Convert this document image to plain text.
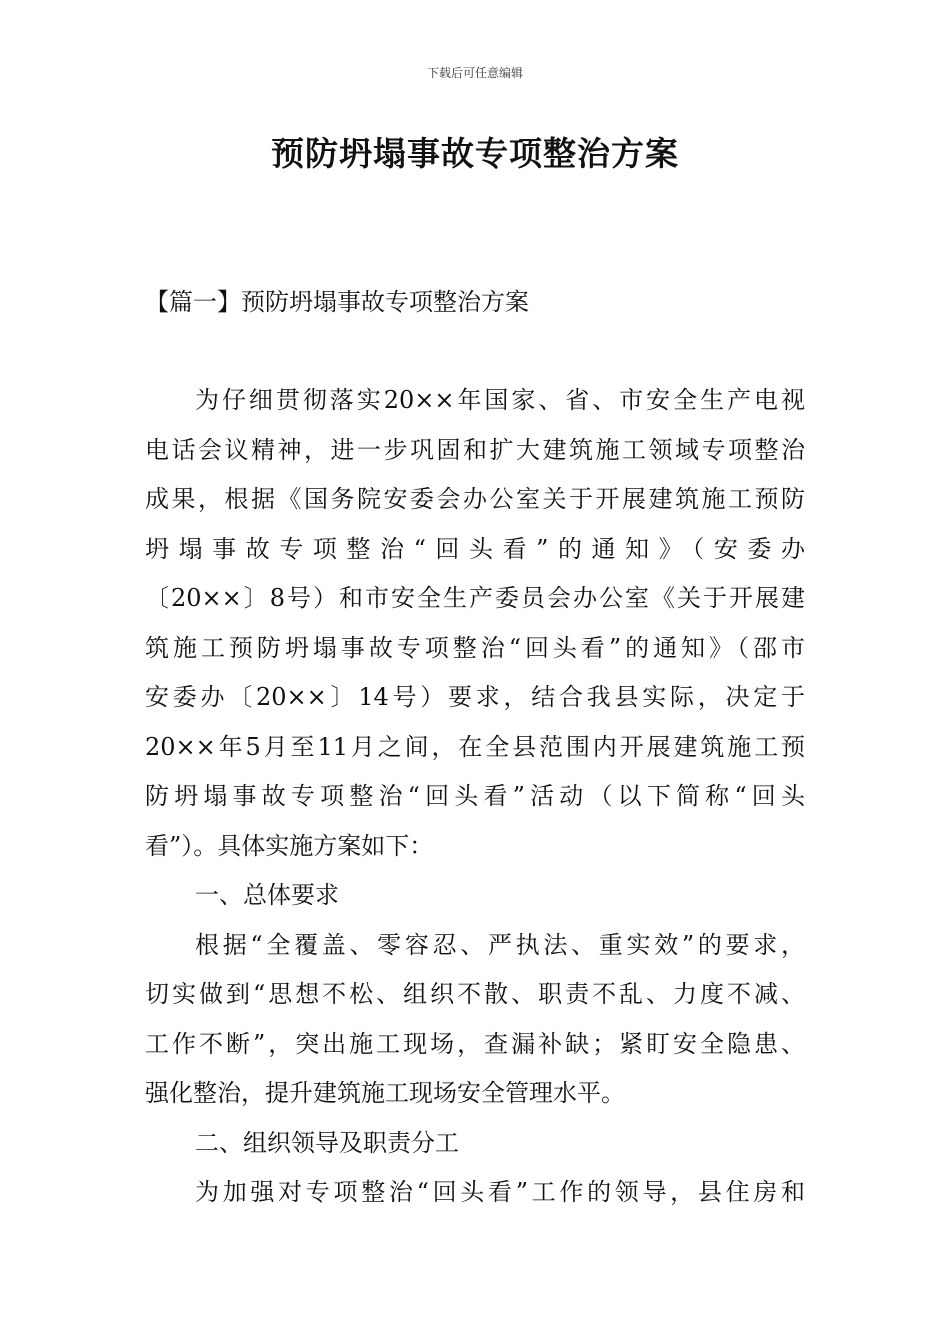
下载后可任意编辑
预防坍塌事故专项整治方案
【篇一】预防坍塌事故专项整治方案
为仔细贯彻落实20××年国家、省、市安全生产电视
电话会议精神，进一步巩固和扩大建筑施工领域专项整治
成果，根据《国务院安委会办公室关于开展建筑施工预防
坍塌事故专项整治“回头看”的通知》（安委办
〔20××〕8号）和市安全生产委员会办公室《关于开展建
筑施工预防坍塌事故专项整治“回头看”的通知》（邵市
安委办〔20××〕14号）要求，结合我县实际，决定于
20××年5月至11月之间，在全县范围内开展建筑施工预
防坍塌事故专项整治“回头看”活动（以下简称“回头
看”）。具体实施方案如下：
一、总体要求
根据“全覆盖、零容忍、严执法、重实效”的要求，
切实做到“思想不松、组织不散、职责不乱、力度不减、
工作不断”，突出施工现场，查漏补缺；紧盯安全隐患、
强化整治，提升建筑施工现场安全管理水平。
二、组织领导及职责分工
为加强对专项整治“回头看”工作的领导，县住房和
